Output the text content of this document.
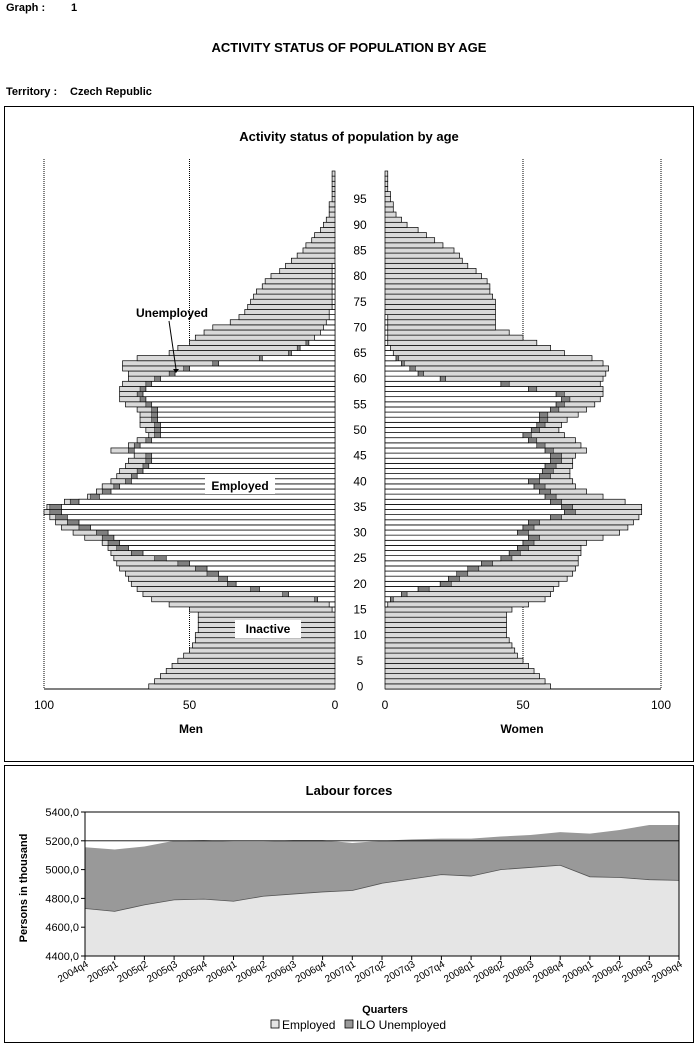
Graph : 1
ACTIVITY STATUS OF POPULATION BY AGE
Territory : Czech Republic
Activity status of population by age
0
5
10
15
20
25
30
35
40
45
50
55
60
65
70
75
80
85
90
95
100	50	0	0	50	100
Men	Women
Unemployed
Employed
Inactive
Labour forces
4400,0
4600,0
4800,0
5000,0
5200,0
5400,0
2004q4
2005q1
2005q2
2005q3
2005q4
2006q1
2006q2
2006q3
2006q4
2007q1
2007q2
2007q3
2007q4
2008q1
2008q2
2008q3
2008q4
2009q1
2009q2
2009q3
2009q4
Persons in thousand
Quarters
Employed ILO Unemployed
